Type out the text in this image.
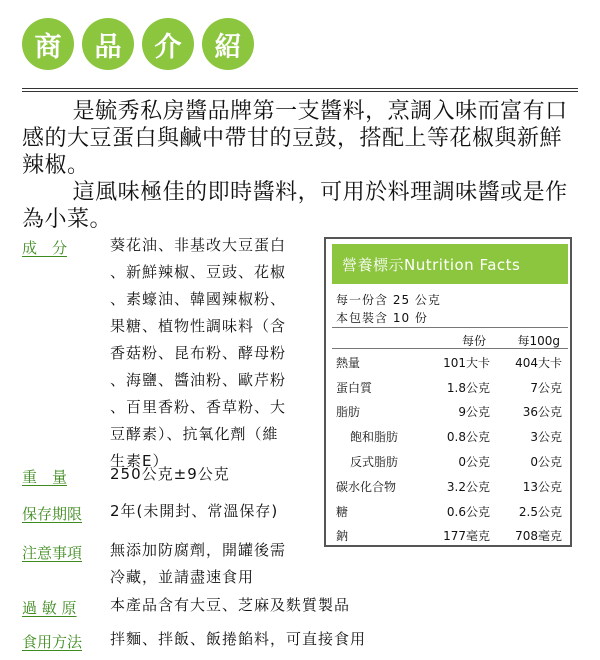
商	品	介	紹

是毓秀私房醬品牌第一支醬料，烹調入味而富有口感的大豆蛋白與鹹中帶甘的豆鼓，搭配上等花椒與新鮮辣椒。

這風味極佳的即時醬料，可用於料理調味醬或是作為小菜。

成　分	葵花油、非基改大豆蛋白
、新鮮辣椒、豆豉、花椒
、素蠔油、韓國辣椒粉、
果糖、植物性調味料（含
香菇粉、昆布粉、酵母粉
、海鹽、醬油粉、歐芹粉
、百里香粉、香草粉、大
豆酵素）、抗氧化劑（維
生素E）
重　量	250公克±9公克
保存期限 2年(未開封、常溫保存)
注意事項 無添加防腐劑，開罐後需
冷藏，並請盡速食用
過 敏 原 本產品含有大豆、芝麻及麩質製品
食用方法 拌麵、拌飯、飯捲餡料，可直接食用
營養標示Nutrition Facts
每一份含 25 公克
本包裝含 10 份
每份	每100g
熱量	101大卡	404大卡
蛋白質	1.8公克	7公克
脂肪	9公克	36公克
飽和脂肪	0.8公克	3公克
反式脂肪	0公克	0公克
碳水化合物	3.2公克	13公克
糖	0.6公克	2.5公克
鈉	177毫克	708毫克
